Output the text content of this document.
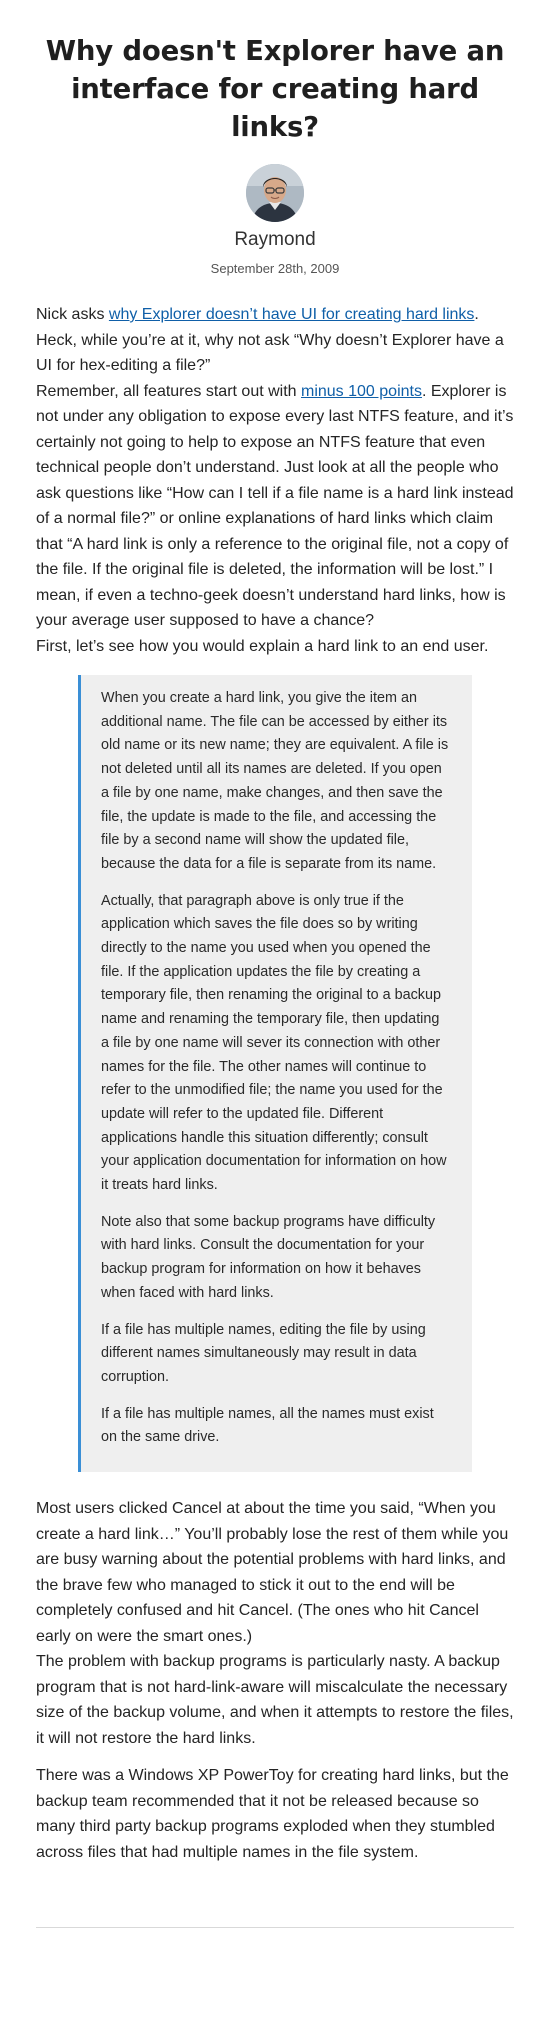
Why doesn't Explorer have an interface for creating hard links?
Raymond
September 28th, 2009

Nick asks why Explorer doesn’t have UI for creating hard links. Heck, while you’re at it, why not ask “Why doesn’t Explorer have a UI for hex-editing a file?”

Remember, all features start out with minus 100 points. Explorer is not under any obligation to expose every last NTFS feature, and it’s certainly not going to help to expose an NTFS feature that even technical people don’t understand. Just look at all the people who ask questions like “How can I tell if a file name is a hard link instead of a normal file?” or online explanations of hard links which claim that “A hard link is only a reference to the original file, not a copy of the file. If the original file is deleted, the information will be lost.” I mean, if even a techno-geek doesn’t understand hard links, how is your average user supposed to have a chance?

First, let’s see how you would explain a hard link to an end user.

When you create a hard link, you give the item an additional name. The file can be accessed by either its old name or its new name; they are equivalent. A file is not deleted until all its names are deleted. If you open a file by one name, make changes, and then save the file, the update is made to the file, and accessing the file by a second name will show the updated file, because the data for a file is separate from its name.

Actually, that paragraph above is only true if the application which saves the file does so by writing directly to the name you used when you opened the file. If the application updates the file by creating a temporary file, then renaming the original to a backup name and renaming the temporary file, then updating a file by one name will sever its connection with other names for the file. The other names will continue to refer to the unmodified file; the name you used for the update will refer to the updated file. Different applications handle this situation differently; consult your application documentation for information on how it treats hard links.

Note also that some backup programs have difficulty with hard links. Consult the documentation for your backup program for information on how it behaves when faced with hard links.

If a file has multiple names, editing the file by using different names simultaneously may result in data corruption.

If a file has multiple names, all the names must exist on the same drive.

Most users clicked Cancel at about the time you said, “When you create a hard link…” You’ll probably lose the rest of them while you are busy warning about the potential problems with hard links, and the brave few who managed to stick it out to the end will be completely confused and hit Cancel. (The ones who hit Cancel early on were the smart ones.)

The problem with backup programs is particularly nasty. A backup program that is not hard-link-aware will miscalculate the necessary size of the backup volume, and when it attempts to restore the files, it will not restore the hard links.

There was a Windows XP PowerToy for creating hard links, but the backup team recommended that it not be released because so many third party backup programs exploded when they stumbled across files that had multiple names in the file system.
